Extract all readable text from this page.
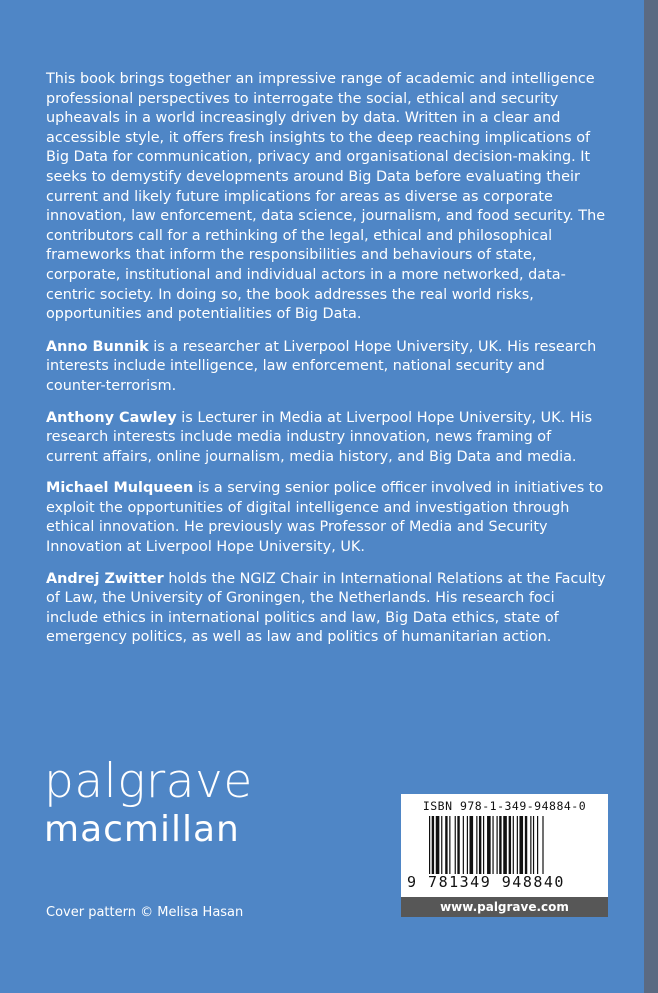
This book brings together an impressive range of academic and intelligence professional perspectives to interrogate the social, ethical and security upheavals in a world increasingly driven by data. Written in a clear and accessible style, it offers fresh insights to the deep reaching implications of Big Data for communication, privacy and organisational decision-making. It seeks to demystify developments around Big Data before evaluating their current and likely future implications for areas as diverse as corporate innovation, law enforcement, data science, journalism, and food security. The contributors call for a rethinking of the legal, ethical and philosophical frameworks that inform the responsibilities and behaviours of state, corporate, institutional and individual actors in a more networked, data-centric society. In doing so, the book addresses the real world risks, opportunities and potentialities of Big Data.

Anno Bunnik is a researcher at Liverpool Hope University, UK. His research interests include intelligence, law enforcement, national security and counter-terrorism.

Anthony Cawley is Lecturer in Media at Liverpool Hope University, UK. His research interests include media industry innovation, news framing of current affairs, online journalism, media history, and Big Data and media.

Michael Mulqueen is a serving senior police officer involved in initiatives to exploit the opportunities of digital intelligence and investigation through ethical innovation. He previously was Professor of Media and Security Innovation at Liverpool Hope University, UK.

Andrej Zwitter holds the NGIZ Chair in International Relations at the Faculty of Law, the University of Groningen, the Netherlands. His research foci include ethics in international politics and law, Big Data ethics, state of emergency politics, as well as law and politics of humanitarian action.

palgrave
macmillan
Cover pattern © Melisa Hasan
ISBN 978-1-349-94884-0
9 781349 948840
www.palgrave.com
